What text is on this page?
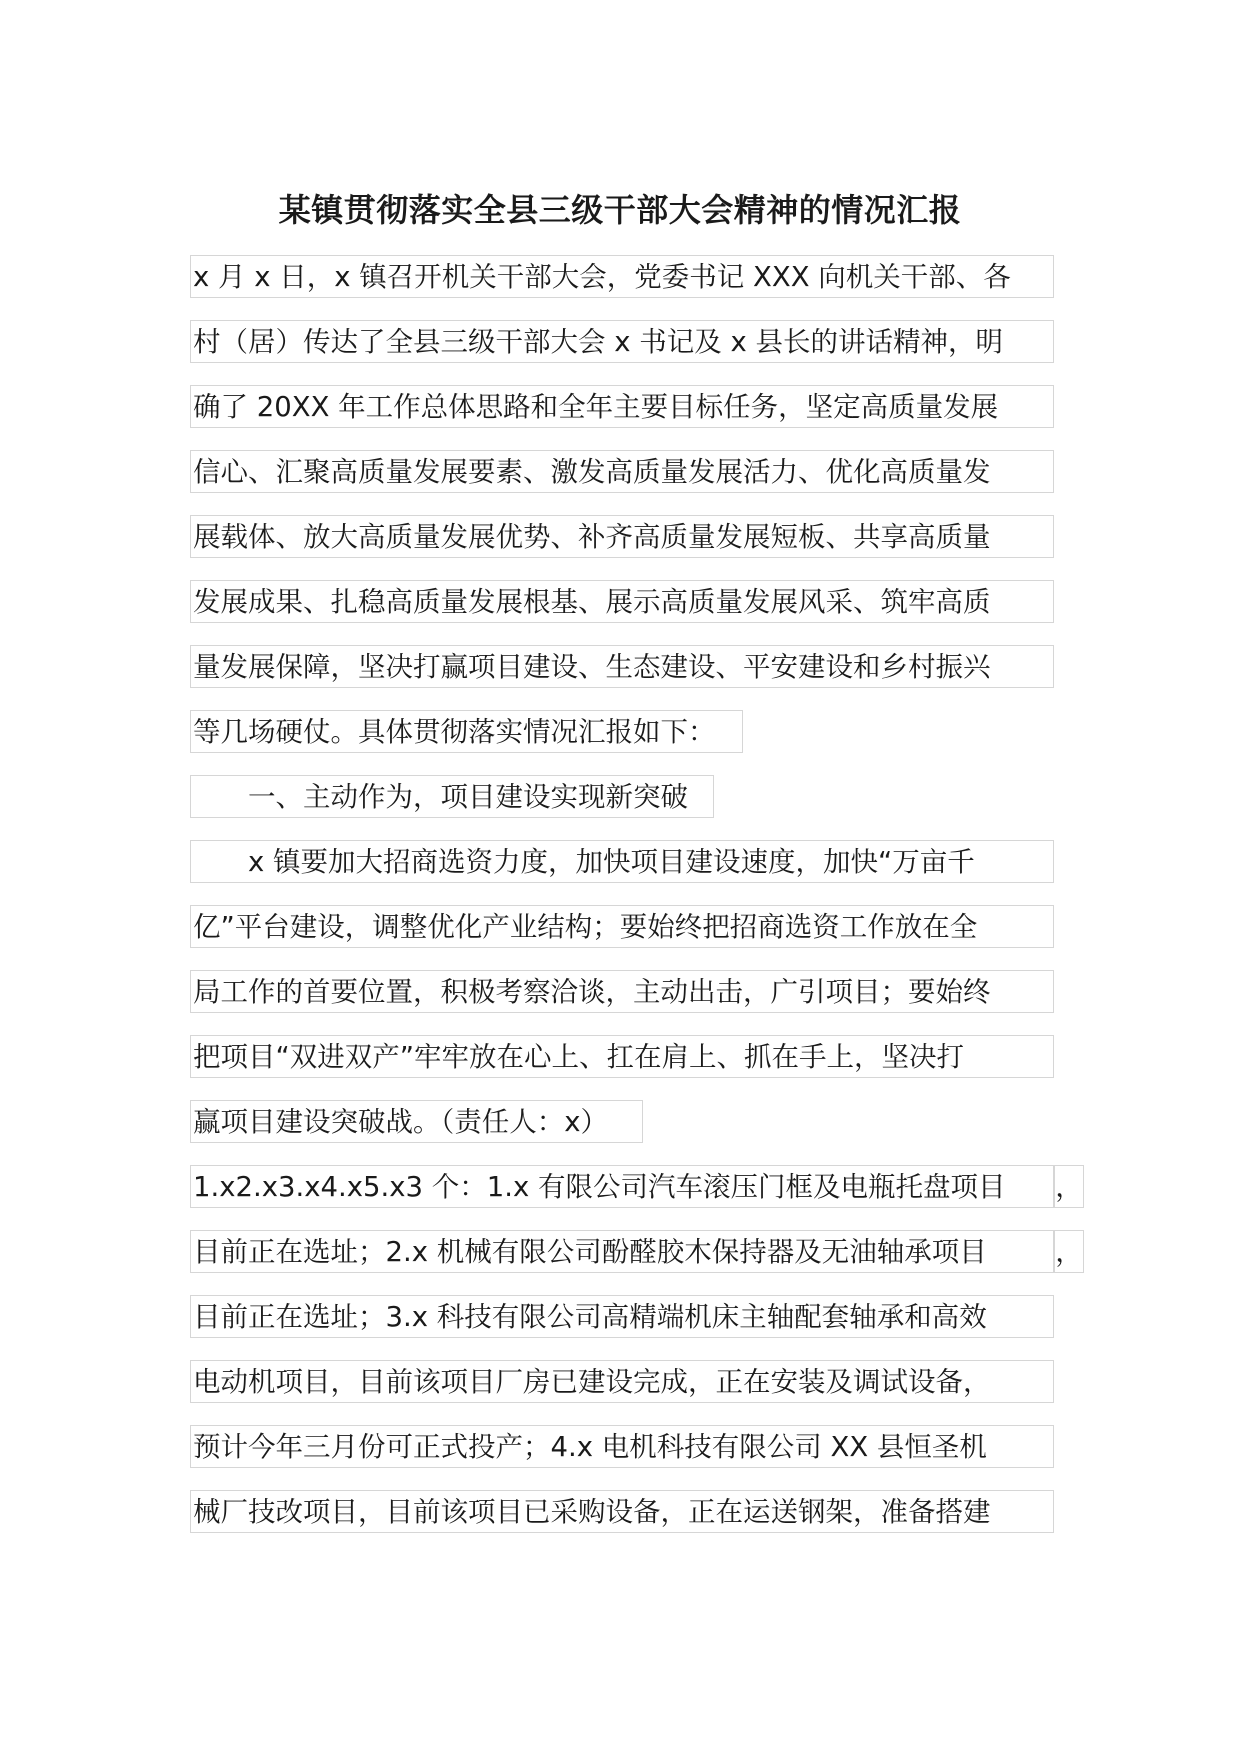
某镇贯彻落实全县三级干部大会精神的情况汇报
x 月 x 日，x 镇召开机关干部大会，党委书记 XXX 向机关干部、各
村（居）传达了全县三级干部大会 x 书记及 x 县长的讲话精神，明
确了 20XX 年工作总体思路和全年主要目标任务，坚定高质量发展
信心、汇聚高质量发展要素、激发高质量发展活力、优化高质量发
展载体、放大高质量发展优势、补齐高质量发展短板、共享高质量
发展成果、扎稳高质量发展根基、展示高质量发展风采、筑牢高质
量发展保障，坚决打赢项目建设、生态建设、平安建设和乡村振兴
等几场硬仗。具体贯彻落实情况汇报如下：
　　一、主动作为，项目建设实现新突破
　　x 镇要加大招商选资力度，加快项目建设速度，加快“万亩千
亿”平台建设，调整优化产业结构；要始终把招商选资工作放在全
局工作的首要位置，积极考察洽谈，主动出击，广引项目；要始终
把项目“双进双产”牢牢放在心上、扛在肩上、抓在手上，坚决打
赢项目建设突破战。（责任人：x）
1.x2.x3.x4.x5.x3 个：1.x 有限公司汽车滚压门框及电瓶托盘项目	，
目前正在选址；2.x 机械有限公司酚醛胶木保持器及无油轴承项目	，
目前正在选址；3.x 科技有限公司高精端机床主轴配套轴承和高效
电动机项目，目前该项目厂房已建设完成，正在安装及调试设备，
预计今年三月份可正式投产；4.x 电机科技有限公司 XX 县恒圣机
械厂技改项目，目前该项目已采购设备，正在运送钢架，准备搭建
